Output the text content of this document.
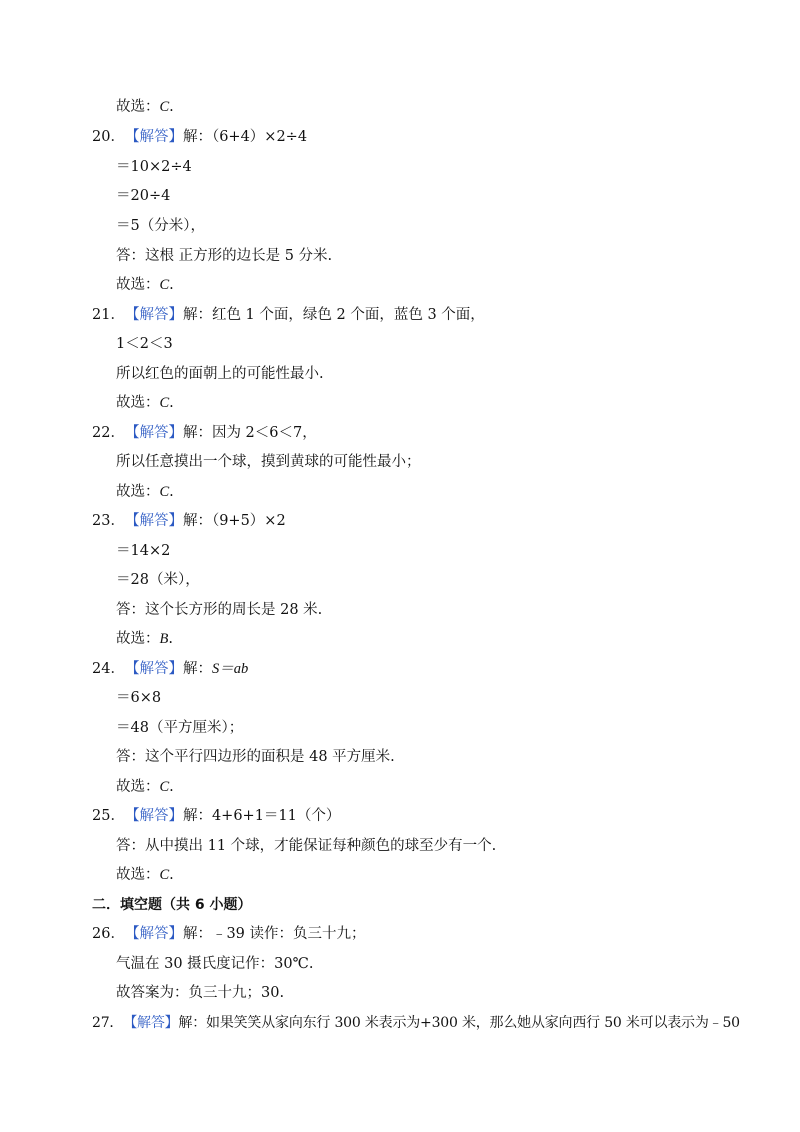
故选：C.
20．【解答】解：（6+4）×2÷4
＝10×2÷4
＝20÷4
＝5（分米），
答：这根 正方形的边长是 5 分米.
故选：C.
21．【解答】解：红色 1 个面，绿色 2 个面，蓝色 3 个面，
1＜2＜3
所以红色的面朝上的可能性最小.
故选：C.
22．【解答】解：因为 2＜6＜7，
所以任意摸出一个球，摸到黄球的可能性最小；
故选：C.
23．【解答】解：（9+5）×2
＝14×2
＝28（米），
答：这个长方形的周长是 28 米.
故选：B.
24．【解答】解：S＝ab
＝6×8
＝48（平方厘米）；
答：这个平行四边形的面积是 48 平方厘米.
故选：C.
25．【解答】解：4+6+1＝11（个）
答：从中摸出 11 个球，才能保证每种颜色的球至少有一个.
故选：C.
二．填空题（共 6 小题）
26．【解答】解：﹣39 读作：负三十九；
气温在 30 摄氏度记作：30℃.
故答案为：负三十九；30.
27．【解答】解：如果笑笑从家向东行 300 米表示为+300 米，那么她从家向西行 50 米可以表示为﹣50
